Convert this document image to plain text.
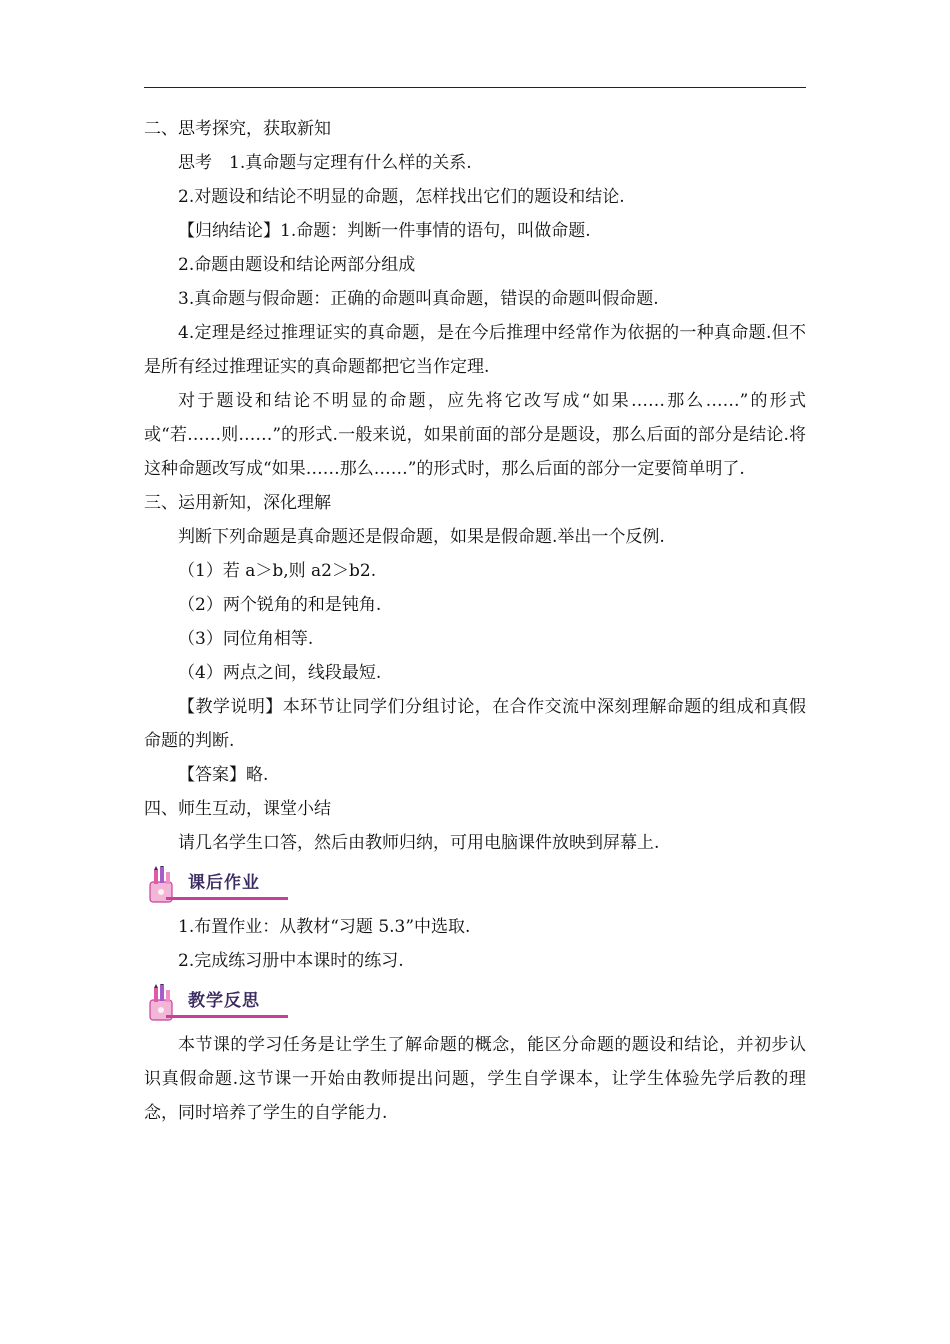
二、思考探究，获取新知
思考　1.真命题与定理有什么样的关系.
2.对题设和结论不明显的命题，怎样找出它们的题设和结论.
【归纳结论】1.命题：判断一件事情的语句，叫做命题.
2.命题由题设和结论两部分组成
3.真命题与假命题：正确的命题叫真命题，错误的命题叫假命题.

4.定理是经过推理证实的真命题，是在今后推理中经常作为依据的一种真命题.但不是所有经过推理证实的真命题都把它当作定理.

对于题设和结论不明显的命题，应先将它改写成“如果……那么……”的形式或“若……则……”的形式.一般来说，如果前面的部分是题设，那么后面的部分是结论.将这种命题改写成“如果……那么……”的形式时，那么后面的部分一定要简单明了.

三、运用新知，深化理解
判断下列命题是真命题还是假命题，如果是假命题.举出一个反例.
（1）若 a＞b,则 a2＞b2.
（2）两个锐角的和是钝角.
（3）同位角相等.
（4）两点之间，线段最短.

【教学说明】本环节让同学们分组讨论，在合作交流中深刻理解命题的组成和真假命题的判断.

【答案】略.
四、师生互动，课堂小结
请几名学生口答，然后由教师归纳，可用电脑课件放映到屏幕上.
课后作业
1.布置作业：从教材“习题 5.3”中选取.
2.完成练习册中本课时的练习.
教学反思

本节课的学习任务是让学生了解命题的概念，能区分命题的题设和结论，并初步认识真假命题.这节课一开始由教师提出问题，学生自学课本，让学生体验先学后教的理念，同时培养了学生的自学能力.
